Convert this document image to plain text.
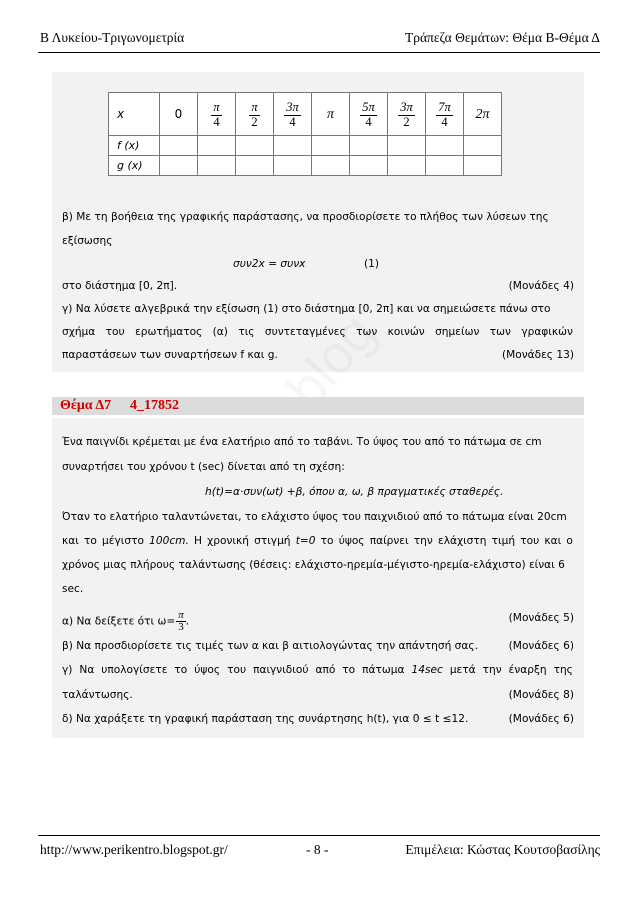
Β Λυκείου-Τριγωνομετρία	Τράπεζα Θεμάτων: Θέμα Β-Θέμα Δ
x	0	$\frac{\pi}{4}$	$\frac{\pi}{2}$	$\frac{3\pi}{4}$	π	$\frac{5\pi}{4}$	$\frac{3\pi}{2}$	$\frac{7\pi}{4}$	2π
f (x)									
g (x)									
β) Με τη βοήθεια της γραφικής παράστασης, να προσδιορίσετε το πλήθος των λύσεων της
εξίσωσης
συν2x = συνx	(1)
στο διάστημα [0, 2π].	(Μονάδες 4)
γ) Να λύσετε αλγεβρικά την εξίσωση (1) στο διάστημα [0, 2π] και να σημειώσετε πάνω στο
σχήμα του ερωτήματος (α) τις συντεταγμένες των κοινών σημείων των γραφικών
παραστάσεων των συναρτήσεων f και g.	(Μονάδες 13)
Θέμα Δ7 4_17852
Ένα παιγνίδι κρέμεται με ένα ελατήριο από το ταβάνι. Το ύψος του από το πάτωμα σε cm
συναρτήσει του χρόνου t (sec) δίνεται από τη σχέση:
h(t)=α·συν(ωt) +β, όπου α, ω, β πραγματικές σταθερές.
Όταν το ελατήριο ταλαντώνεται, το ελάχιστο ύψος του παιχνιδιού από το πάτωμα είναι 20cm
και το μέγιστο 100cm. Η χρονική στιγμή t=0 το ύψος παίρνει την ελάχιστη τιμή του και ο
χρόνος μιας πλήρους ταλάντωσης (θέσεις: ελάχιστο-ηρεμία-μέγιστο-ηρεμία-ελάχιστο) είναι 6
sec.
α) Να δείξετε ότι $\omega= \frac{\pi}{3}$ .	(Μονάδες 5)
β) Να προσδιορίσετε τις τιμές των α και β αιτιολογώντας την απάντησή σας.	(Μονάδες 6)
γ) Να υπολογίσετε το ύψος του παιγνιδιού από το πάτωμα 14sec μετά την έναρξη της
ταλάντωσης.	(Μονάδες 8)
δ) Να χαράξετε τη γραφική παράσταση της συνάρτησης h(t), για 0 ≤ t ≤12.	(Μονάδες 6)
http://www.perikentro.blogspot.gr/	- 8 -	Επιμέλεια: Κώστας Κουτσοβασίλης
